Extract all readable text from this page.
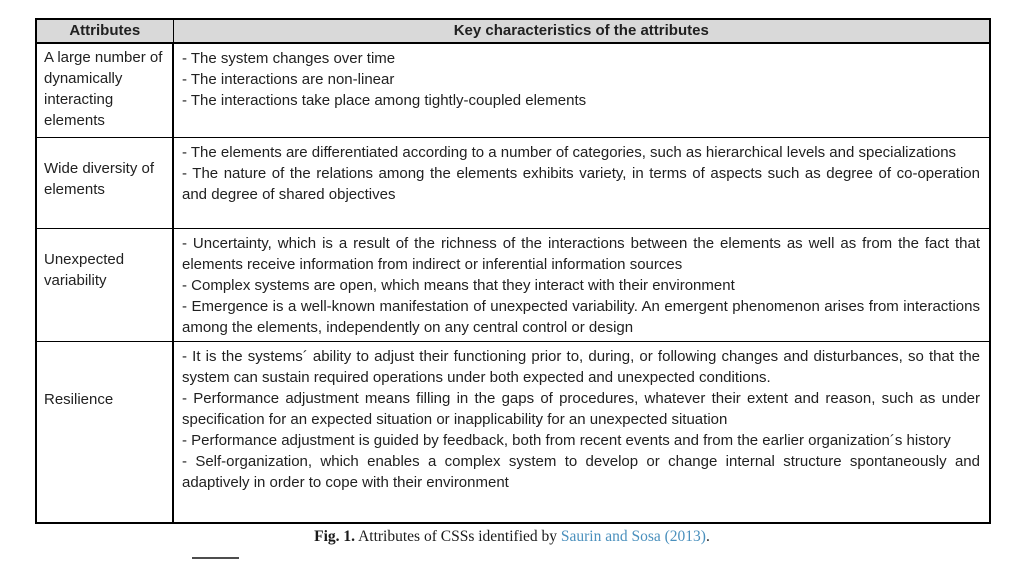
Attributes	Key characteristics of the attributes
A large number of dynamically interacting elements	- The system changes over time

- The interactions are non-linear

- The interactions take place among tightly-coupled elements

Wide diversity of elements	- The elements are differentiated according to a number of categories, such as hierarchical levels and specializations

- The nature of the relations among the elements exhibits variety, in terms of aspects such as degree of co-operation and degree of shared objectives

Unexpected variability	- Uncertainty, which is a result of the richness of the interactions between the elements as well as from the fact that elements receive information from indirect or inferential information sources

- Complex systems are open, which means that they interact with their environment

- Emergence is a well-known manifestation of unexpected variability. An emergent phenomenon arises from interactions among the elements, independently on any central control or design

Resilience	- It is the systems´ ability to adjust their functioning prior to, during, or following changes and disturbances, so that the system can sustain required operations under both expected and unexpected conditions.

- Performance adjustment means filling in the gaps of procedures, whatever their extent and reason, such as under specification for an expected situation or inapplicability for an unexpected situation

- Performance adjustment is guided by feedback, both from recent events and from the earlier organization´s history

- Self-organization, which enables a complex system to develop or change internal structure spontaneously and adaptively in order to cope with their environment

Fig. 1. Attributes of CSSs identified by Saurin and Sosa (2013).
